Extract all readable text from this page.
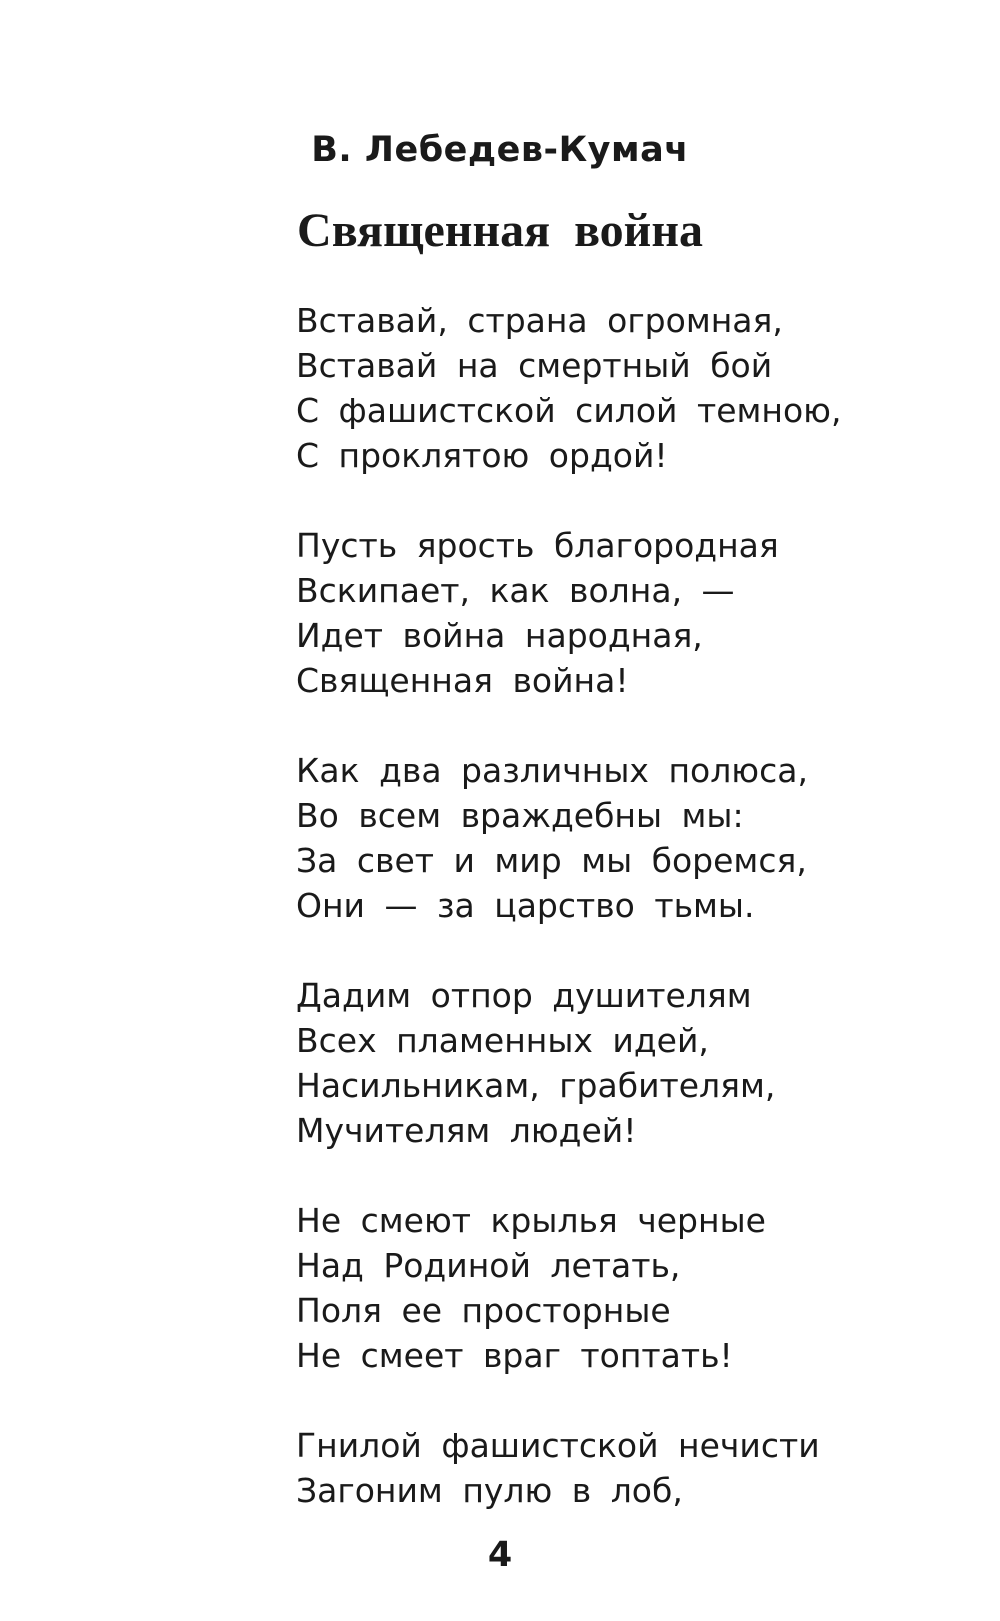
В. Лебедев-Кумач
Священная война
Вставай, страна огромная,
Вставай на смертный бой
С фашистской силой темною,
С проклятою ордой!
Пусть ярость благородная
Вскипает, как волна, —
Идет война народная,
Священная война!
Как два различных полюса,
Во всем враждебны мы:
За свет и мир мы боремся,
Они — за царство тьмы.
Дадим отпор душителям
Всех пламенных идей,
Насильникам, грабителям,
Мучителям людей!
Не смеют крылья черные
Над Родиной летать,
Поля ее просторные
Не смеет враг топтать!
Гнилой фашистской нечисти
Загоним пулю в лоб,
4
